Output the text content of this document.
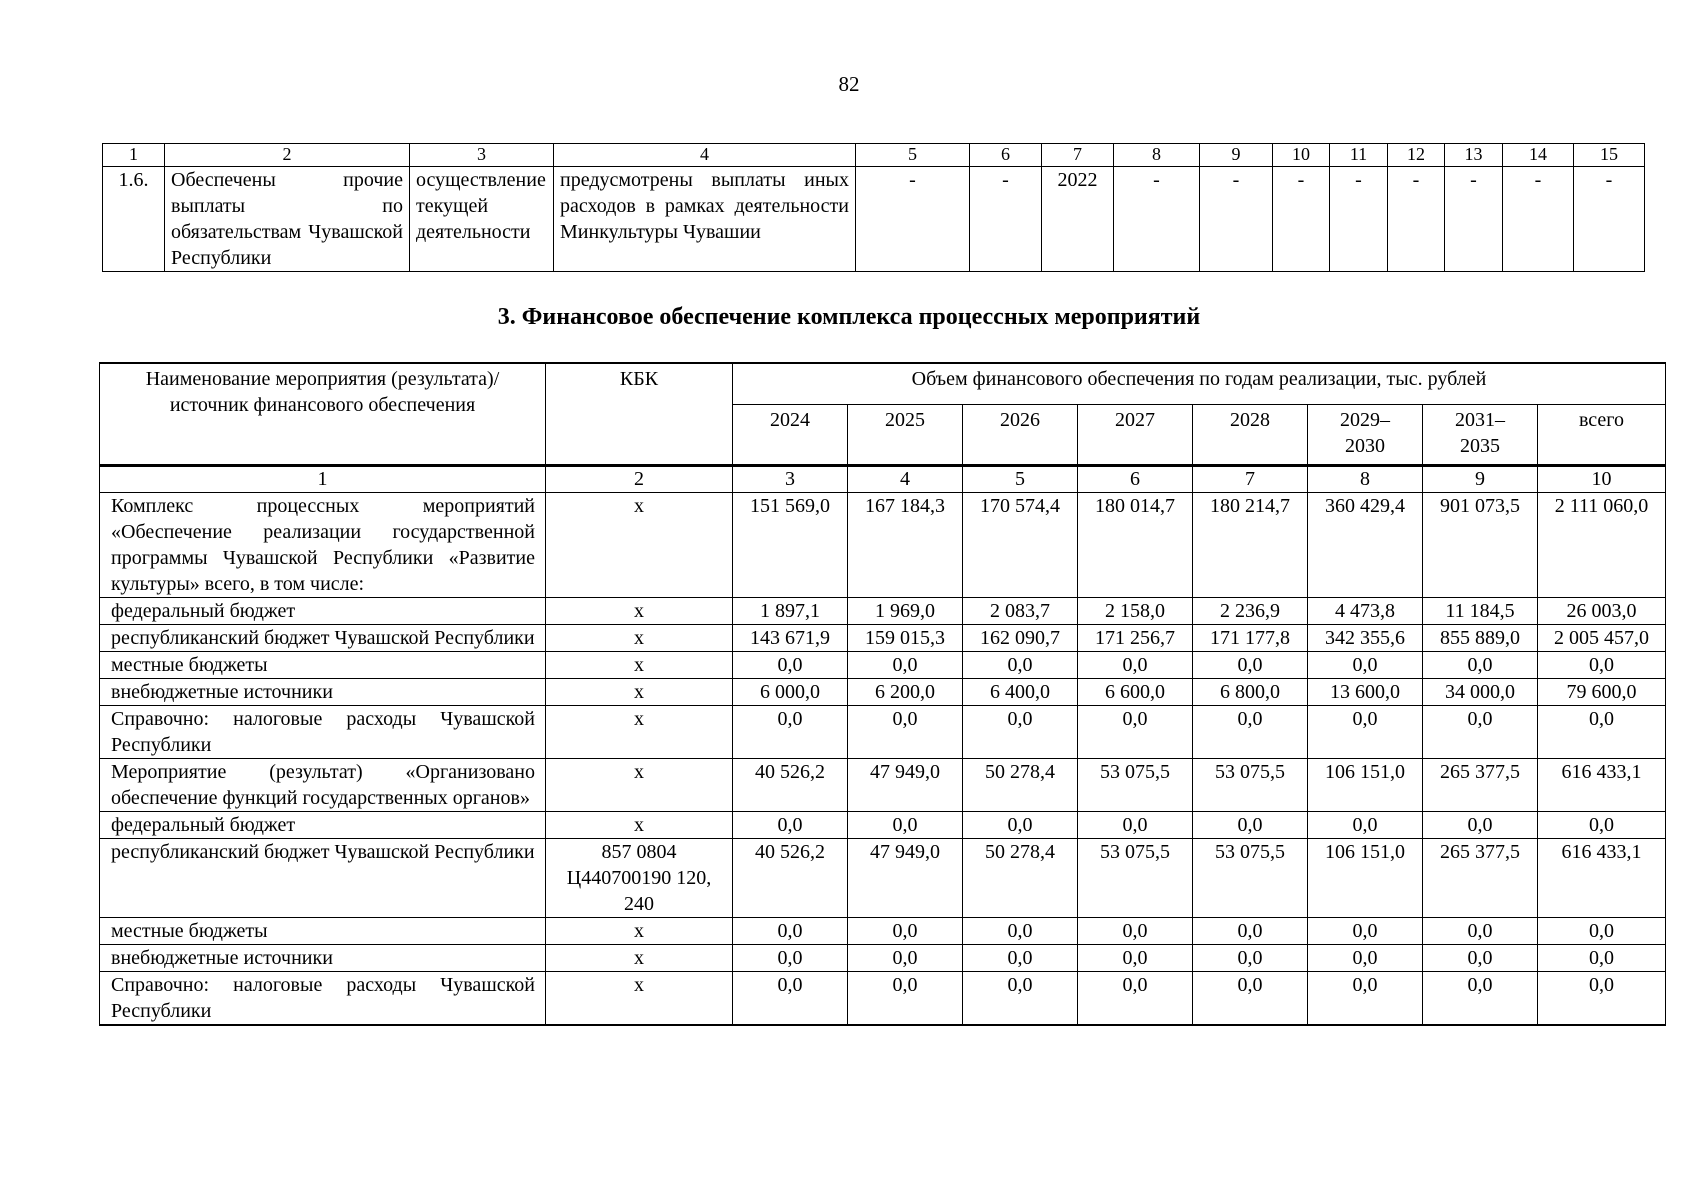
82
1	2	3	4	5	6	7	8	9	10	11	12	13	14	15
1.6.	Обеспечены прочие выплаты по обязательствам Чувашской Республики	осуществление текущей деятельности	предусмотрены выплаты иных расходов в рамках деятельности Минкультуры Чувашии	-	-	2022	-	-	-	-	-	-	-	-
3. Финансовое обеспечение комплекса процессных мероприятий
Наименование мероприятия (результата)/ источник финансового обеспечения	КБК	Объем финансового обеспечения по годам реализации, тыс. рублей							
		2024	2025	2026	2027	2028	2029–2030	2031–2035	всего
1	2	3	4	5	6	7	8	9	10
Комплекс процессных мероприятий «Обеспечение реализации государственной программы Чувашской Республики «Развитие культуры» всего, в том числе:	х	151 569,0	167 184,3	170 574,4	180 014,7	180 214,7	360 429,4	901 073,5	2 111 060,0
федеральный бюджет	х	1 897,1	1 969,0	2 083,7	2 158,0	2 236,9	4 473,8	11 184,5	26 003,0
республиканский бюджет Чувашской Республики	х	143 671,9	159 015,3	162 090,7	171 256,7	171 177,8	342 355,6	855 889,0	2 005 457,0
местные бюджеты	х	0,0	0,0	0,0	0,0	0,0	0,0	0,0	0,0
внебюджетные источники	х	6 000,0	6 200,0	6 400,0	6 600,0	6 800,0	13 600,0	34 000,0	79 600,0
Справочно: налоговые расходы Чувашской Республики	х	0,0	0,0	0,0	0,0	0,0	0,0	0,0	0,0
Мероприятие (результат) «Организовано обеспечение функций государственных органов»	х	40 526,2	47 949,0	50 278,4	53 075,5	53 075,5	106 151,0	265 377,5	616 433,1
федеральный бюджет	х	0,0	0,0	0,0	0,0	0,0	0,0	0,0	0,0
республиканский бюджет Чувашской Республики	857 0804 Ц440700190 120, 240	40 526,2	47 949,0	50 278,4	53 075,5	53 075,5	106 151,0	265 377,5	616 433,1
местные бюджеты	х	0,0	0,0	0,0	0,0	0,0	0,0	0,0	0,0
внебюджетные источники	х	0,0	0,0	0,0	0,0	0,0	0,0	0,0	0,0
Справочно: налоговые расходы Чувашской Республики	х	0,0	0,0	0,0	0,0	0,0	0,0	0,0	0,0
